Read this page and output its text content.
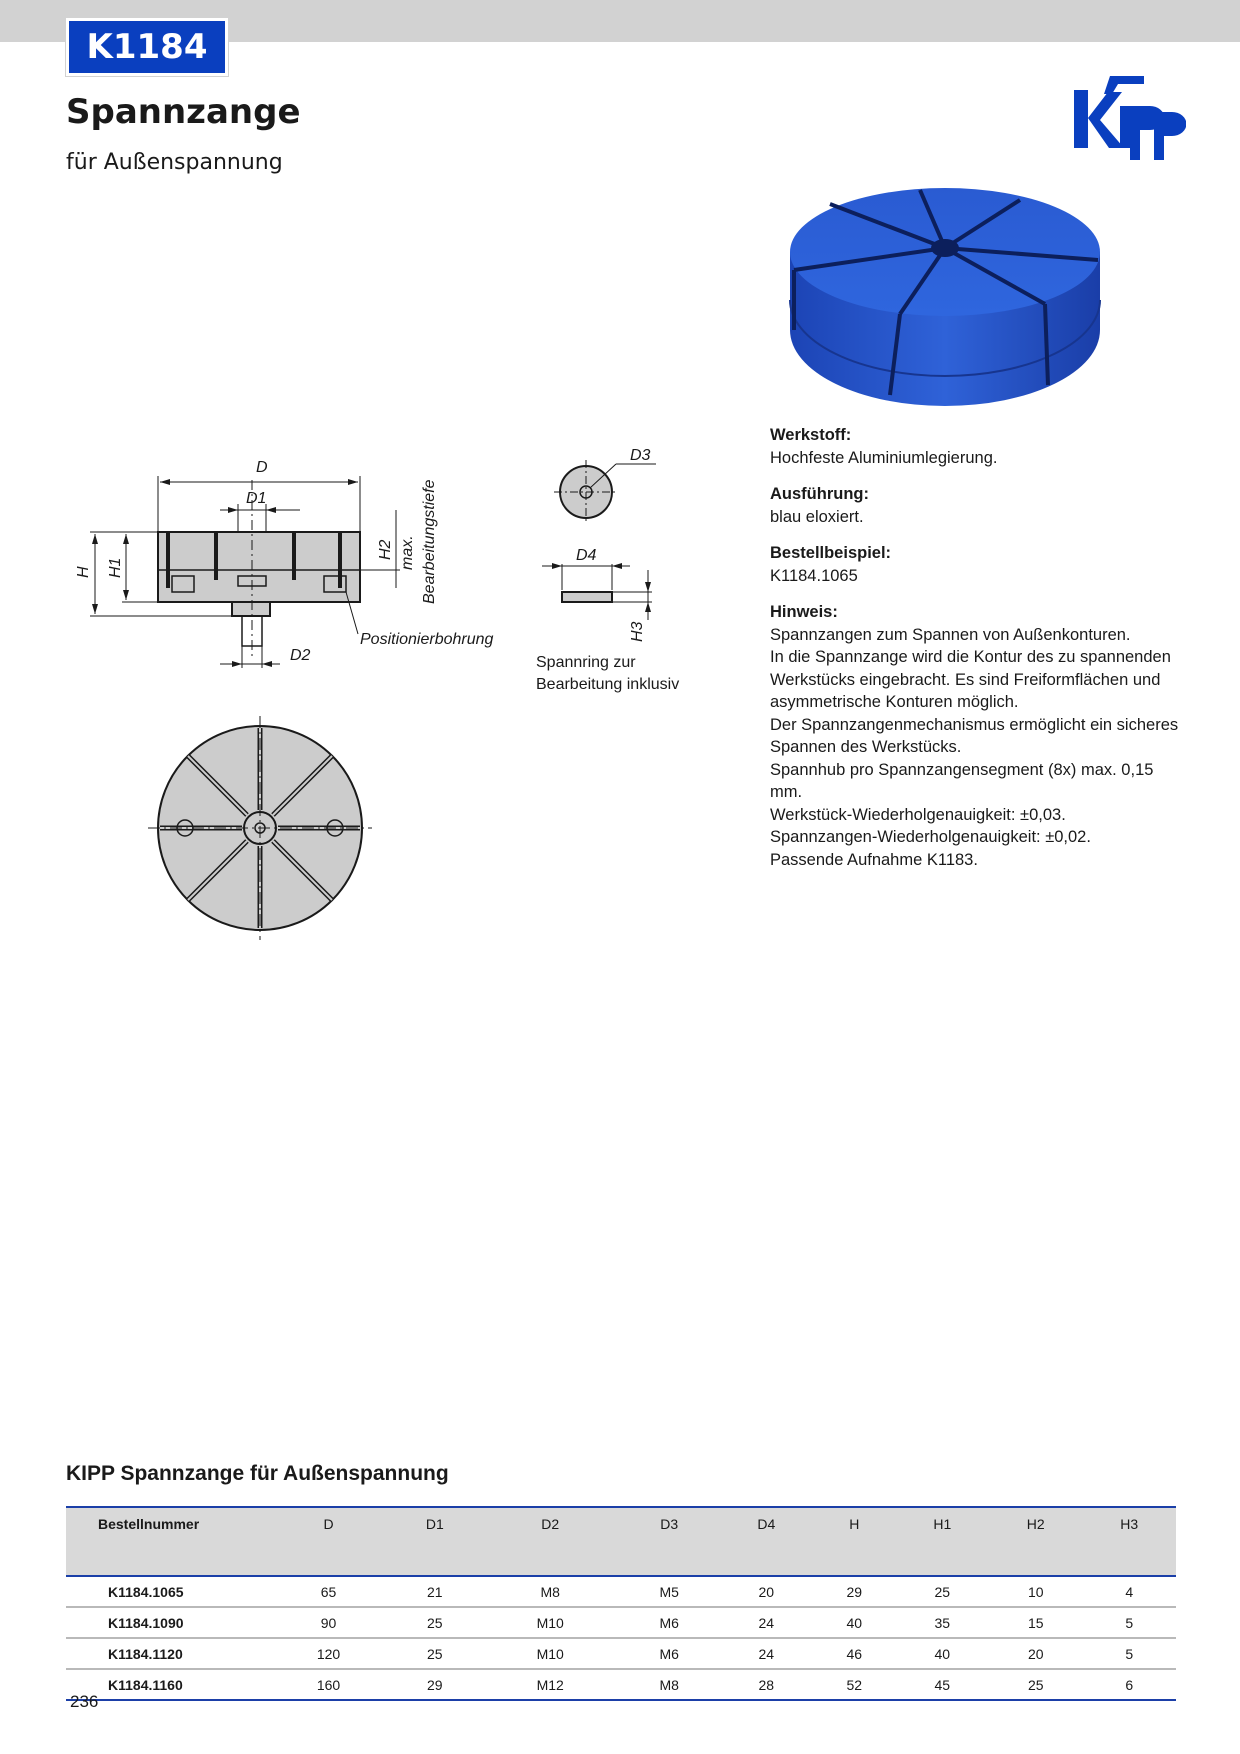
K1184
Spannzange
für Außenspannung
D
D1
D2
H H1
H2 max. Bearbeitungstiefe
Positionierbohrung
D3
D4
H3
Spannring zur Bearbeitung inklusiv
Werkstoff:
Hochfeste Aluminiumlegierung.
Ausführung:
blau eloxiert.
Bestellbeispiel:
K1184.1065
Hinweis:
Spannzangen zum Spannen von Außenkonturen.
In die Spannzange wird die Kontur des zu spannenden Werkstücks eingebracht. Es sind Freiformflächen und asymmetrische Konturen möglich.
Der Spannzangenmechanismus ermöglicht ein sicheres Spannen des Werkstücks.
Spannhub pro Spannzangensegment (8x) max. 0,15 mm.
Werkstück-Wiederholgenauigkeit: ±0,03.
Spannzangen-Wiederholgenauigkeit: ±0,02.
Passende Aufnahme K1183.
KIPP Spannzange für Außenspannung
Bestellnummer	D	D1	D2	D3	D4	H	H1	H2	H3
K1184.1065	65	21	M8	M5	20	29	25	10	4
K1184.1090	90	25	M10	M6	24	40	35	15	5
K1184.1120	120	25	M10	M6	24	46	40	20	5
K1184.1160	160	29	M12	M8	28	52	45	25	6
236
